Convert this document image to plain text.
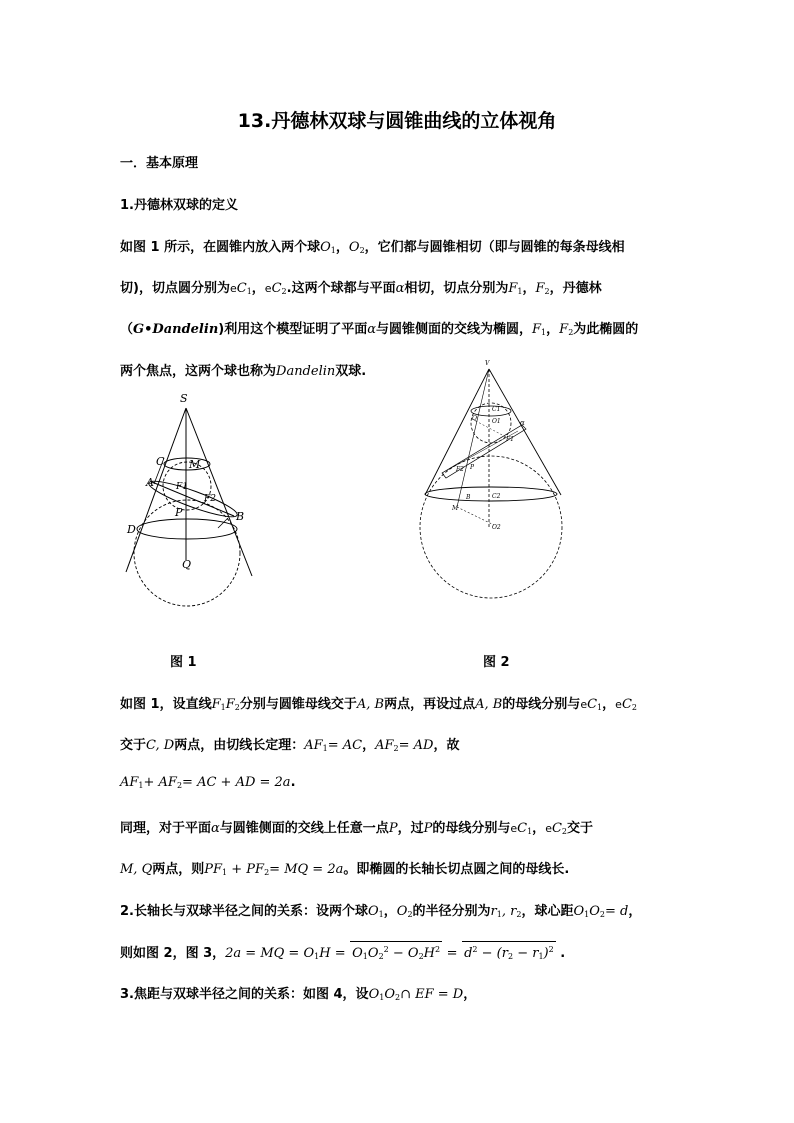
13.丹德林双球与圆锥曲线的立体视角
一．基本原理
1.丹德林双球的定义
如图 1 所示，在圆锥内放入两个球O1，O2，它们都与圆锥相切（即与圆锥的每条母线相
切)，切点圆分别为eC1，eC2.这两个球都与平面α相切，切点分别为F1，F2，丹德林
（G•Dandelin)利用这个模型证明了平面α与圆锥侧面的交线为椭圆，F1，F2为此椭圆的
两个焦点，这两个球也称为Dandelin双球.
S
C M
A F1
F2
P	B
D
Q
V
C1
O1
Q
α
F1
F2 P
B	C2
M
O2
图 1	图 2
如图 1，设直线F1F2分别与圆锥母线交于A, B两点，再设过点A, B的母线分别与eC1，eC2
交于C, D两点，由切线长定理：AF1= AC，AF2= AD，故
AF1+ AF2= AC + AD = 2a.
同理，对于平面α与圆锥侧面的交线上任意一点P，过P的母线分别与eC1，eC2交于
M, Q两点，则PF1 + PF2= MQ = 2a。即椭圆的长轴长切点圆之间的母线长.
2.长轴长与双球半径之间的关系：设两个球O1，O2的半径分别为r1, r2，球心距O1O2= d，
则如图 2，图 3，2a = MQ = $O1H = O1O2^2 - O2H^2 = d^2 - (r2 - r1)^2$ .
3.焦距与双球半径之间的关系：如图 4，设O1O2∩ EF = D，
